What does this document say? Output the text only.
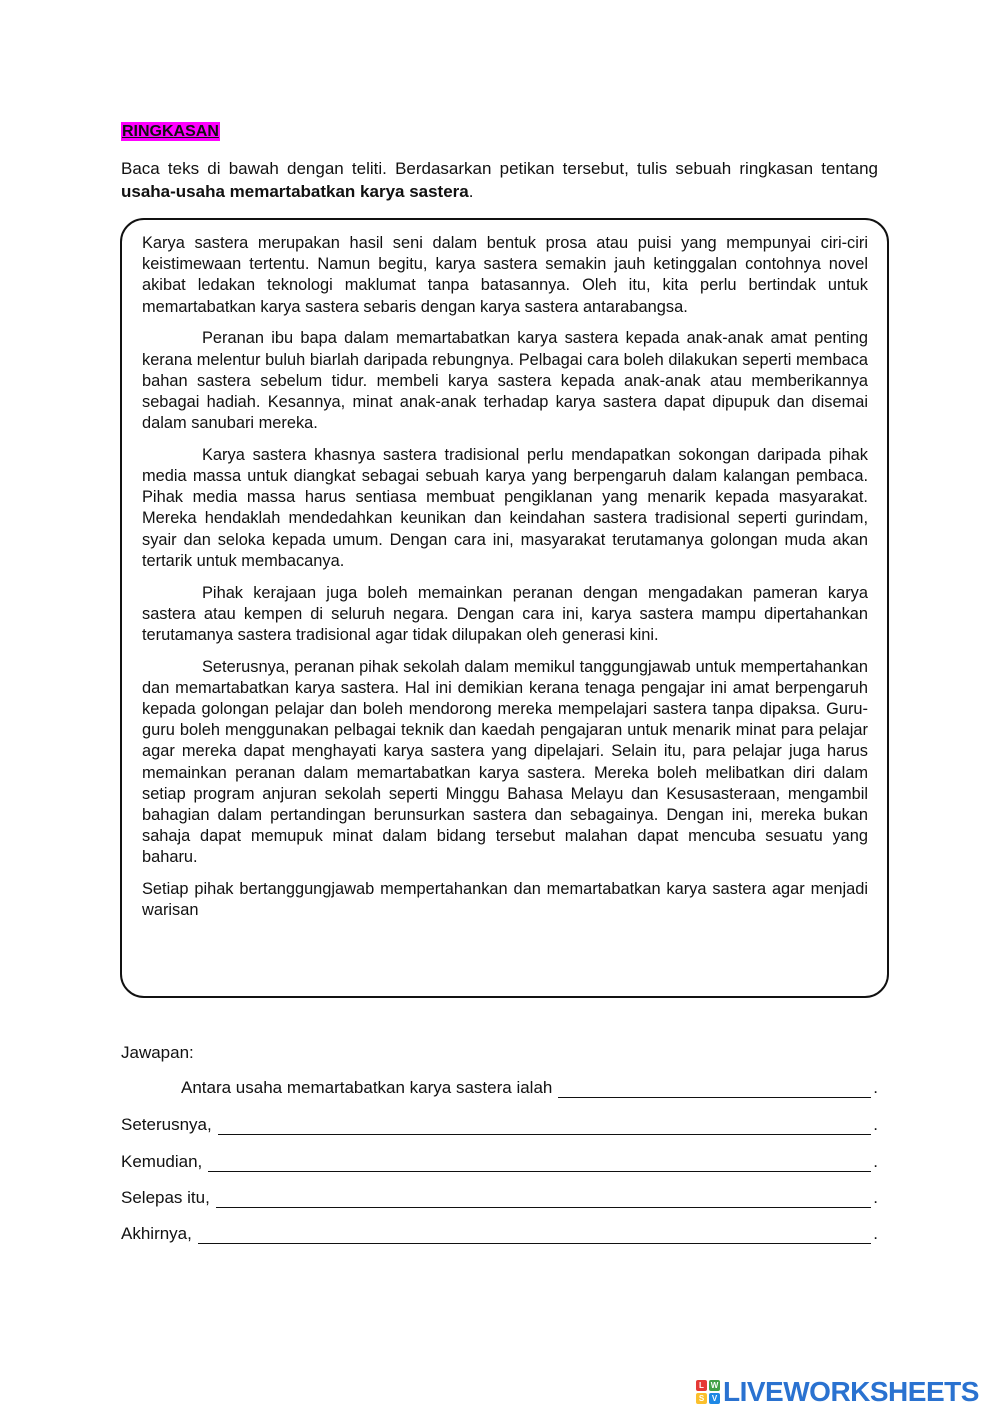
RINGKASAN
Baca teks di bawah dengan teliti. Berdasarkan petikan tersebut, tulis sebuah ringkasan tentang usaha-usaha memartabatkan karya sastera.

Karya sastera merupakan hasil seni dalam bentuk prosa atau puisi yang mempunyai ciri-ciri keistimewaan tertentu. Namun begitu, karya sastera semakin jauh ketinggalan contohnya novel akibat ledakan teknologi maklumat tanpa batasannya. Oleh itu, kita perlu bertindak untuk memartabatkan karya sastera sebaris dengan karya sastera antarabangsa.

Peranan ibu bapa dalam memartabatkan karya sastera kepada anak-anak amat penting kerana melentur buluh biarlah daripada rebungnya. Pelbagai cara boleh dilakukan seperti membaca bahan sastera sebelum tidur. membeli karya sastera kepada anak-anak atau memberikannya sebagai hadiah. Kesannya, minat anak-anak terhadap karya sastera dapat dipupuk dan disemai dalam sanubari mereka.

Karya sastera khasnya sastera tradisional perlu mendapatkan sokongan daripada pihak media massa untuk diangkat sebagai sebuah karya yang berpengaruh dalam kalangan pembaca. Pihak media massa harus sentiasa membuat pengiklanan yang menarik kepada masyarakat. Mereka hendaklah mendedahkan keunikan dan keindahan sastera tradisional seperti gurindam, syair dan seloka kepada umum. Dengan cara ini, masyarakat terutamanya golongan muda akan tertarik untuk membacanya.

Pihak kerajaan juga boleh memainkan peranan dengan mengadakan pameran karya sastera atau kempen di seluruh negara. Dengan cara ini, karya sastera mampu dipertahankan terutamanya sastera tradisional agar tidak dilupakan oleh generasi kini.

Seterusnya, peranan pihak sekolah dalam memikul tanggungjawab untuk mempertahankan dan memartabatkan karya sastera. Hal ini demikian kerana tenaga pengajar ini amat berpengaruh kepada golongan pelajar dan boleh mendorong mereka mempelajari sastera tanpa dipaksa. Guru-guru boleh menggunakan pelbagai teknik dan kaedah pengajaran untuk menarik minat para pelajar agar mereka dapat menghayati karya sastera yang dipelajari. Selain itu, para pelajar juga harus memainkan peranan dalam memartabatkan karya sastera. Mereka boleh melibatkan diri dalam setiap program anjuran sekolah seperti Minggu Bahasa Melayu dan Kesusasteraan, mengambil bahagian dalam pertandingan berunsurkan sastera dan sebagainya. Dengan ini, mereka bukan sahaja dapat memupuk minat dalam bidang tersebut malahan dapat mencuba sesuatu yang baharu.

Setiap pihak bertanggungjawab mempertahankan dan memartabatkan karya sastera agar menjadi warisan

Jawapan:
Antara usaha memartabatkan karya sastera ialah	.
Seterusnya,	.
Kemudian,	.
Selepas itu,	.
Akhirnya,	.
L W
S V LIVEWORKSHEETS
